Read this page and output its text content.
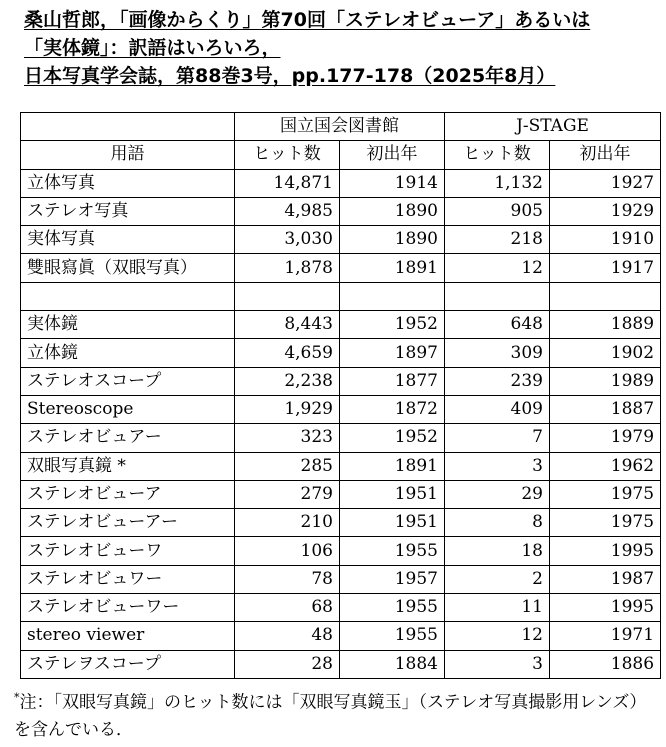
桑山哲郎，「画像からくり」第70回「ステレオビューア」あるいは
「実体鏡」：訳語はいろいろ，
日本写真学会誌，第88巻3号，pp.177-178（2025年8月）
	国立国会図書館		J-STAGE	
用語	ヒット数	初出年	ヒット数	初出年
立体写真	14,871	1914	1,132	1927
ステレオ写真	4,985	1890	905	1929
実体写真	3,030	1890	218	1910
雙眼寫眞（双眼写真）	1,878	1891	12	1917

実体鏡	8,443	1952	648	1889
立体鏡	4,659	1897	309	1902
ステレオスコープ	2,238	1877	239	1989
Stereoscope	1,929	1872	409	1887
ステレオビュアー	323	1952	7	1979
双眼写真鏡 *	285	1891	3	1962
ステレオビューア	279	1951	29	1975
ステレオビューアー	210	1951	8	1975
ステレオビューワ	106	1955	18	1995
ステレオビュワー	78	1957	2	1987
ステレオビューワー	68	1955	11	1995
stereo viewer	48	1955	12	1971
ステレヲスコープ	28	1884	3	1886
*注：「双眼写真鏡」のヒット数には「双眼写真鏡玉」（ステレオ写真撮影用レンズ）を含んでいる．
